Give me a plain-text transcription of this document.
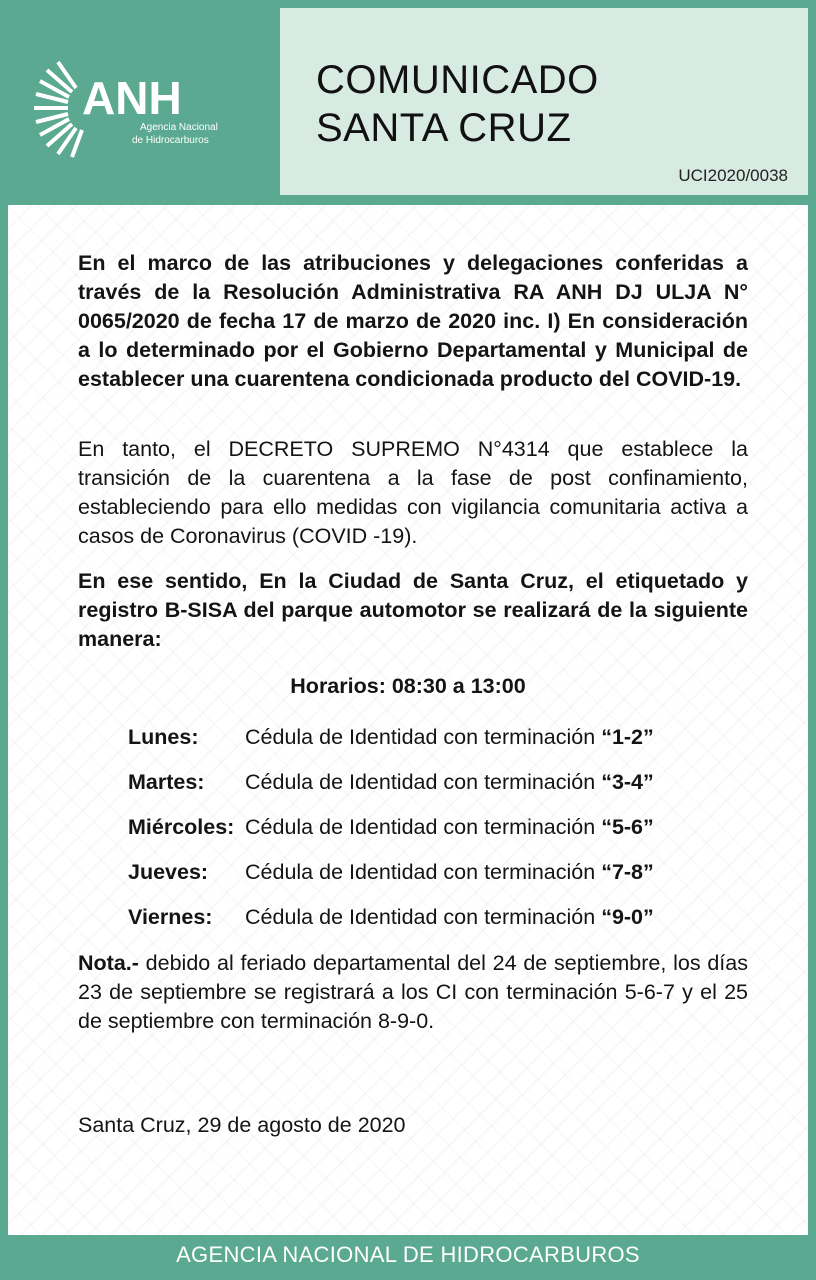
ANH
Agencia Nacional
de Hidrocarburos
COMUNICADO
SANTA CRUZ
UCI2020/0038
En el marco de las atribuciones y delegaciones conferidas a través de la Resolución Administrativa RA ANH DJ ULJA N° 0065/2020 de fecha 17 de marzo de 2020 inc. I) En consideración a lo determinado por el Gobierno Departamental y Municipal de establecer una cuarentena condicionada producto del COVID-19.
En tanto, el DECRETO SUPREMO N°4314 que establece la transición de la cuarentena a la fase de post confinamiento, estableciendo para ello medidas con vigilancia comunitaria activa a casos de Coronavirus (COVID -19).
En ese sentido, En la Ciudad de Santa Cruz, el etiquetado y registro B-SISA del parque automotor se realizará de la siguiente manera:
Horarios: 08:30 a 13:00
Lunes:	Cédula de Identidad con terminación “1-2”
Martes:	Cédula de Identidad con terminación “3-4”
Miércoles: Cédula de Identidad con terminación “5-6”
Jueves:	Cédula de Identidad con terminación “7-8”
Viernes:	Cédula de Identidad con terminación “9-0”
Nota.- debido al feriado departamental del 24 de septiembre, los días 23 de septiembre se registrará a los CI con terminación 5-6-7 y el 25 de septiembre con terminación 8-9-0.
Santa Cruz, 29 de agosto de 2020
AGENCIA NACIONAL DE HIDROCARBUROS
